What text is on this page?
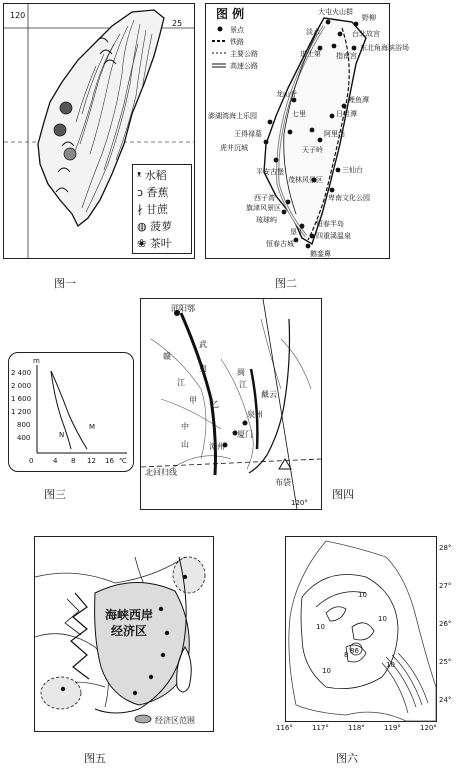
120
25
ᵜ 水稻
ↄ 香蕉
∤ 甘蔗
◍ 菠萝
❀ 茶叶
图一
图 例
景点
铁路
主要公路
高速公路
大屯火山群
野柳
台北故宫
淡水
进士第 指南宫
东北角海滨浴场
龙山寺
澎湖湾海上乐园
鲤鱼潭
日月潭
阿里山
天子岭
王得禄墓
虎井沉城
三仙台
平安古堡
茂林风景区
卑南文化公园
西子湾
旗津风景区
琉球屿	恒春半岛
垦丁 四重溪温泉
恒春古城
鹅銮鼻
七里
图二
m
2 400
2 000
1 600
1 200
800
400
0	4 8 12 16 ℃
N
M
图三
邵阳鄂
赣
武
江
夷	闽
江
甲 乙
中
山
戴云
泉州
厦门
漳州
北回归线
布袋
120°
图四
海峡西岸
经济区
经济区范围
图五
10
10
10
8
10
10
86
28°
27°
26°
25°
24°
116°	117°	118°	119°	120°
图六
